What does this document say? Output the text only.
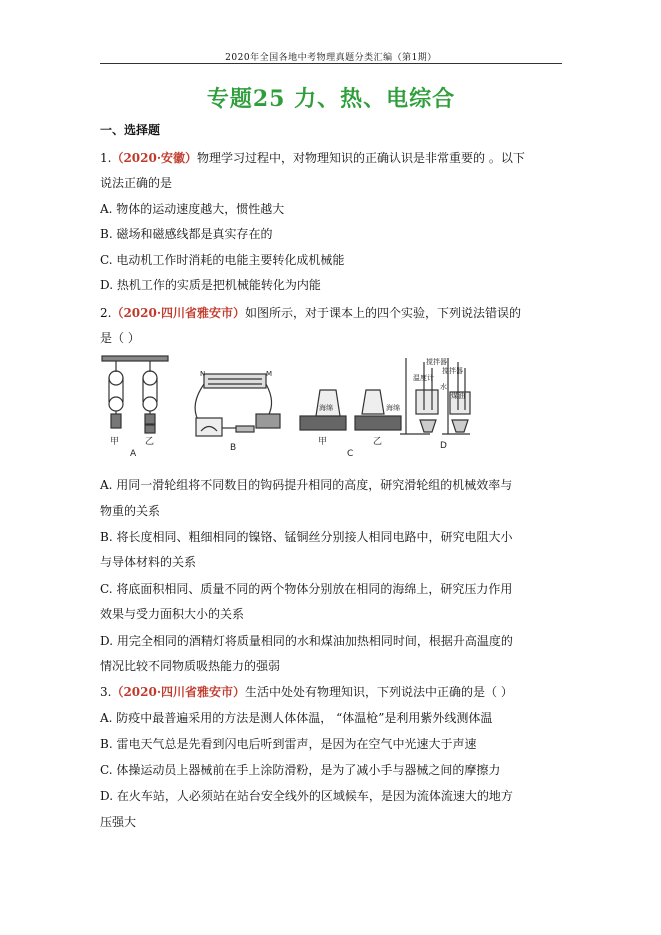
2020年全国各地中考物理真题分类汇编（第1期）
专题25 力、热、电综合
一、选择题
1.（2020·安徽）物理学习过程中，对物理知识的正确认识是非常重要的 。以下
说法正确的是
A. 物体的运动速度越大，惯性越大
B. 磁场和磁感线都是真实存在的
C. 电动机工作时消耗的电能主要转化成机械能
D. 热机工作的实质是把机械能转化为内能
2.（2020·四川省雅安市）如图所示，对于课本上的四个实验，下列说法错误的
是（ ）
甲	乙
A
N	M
B
海绵	海绵
甲	乙
C
搅拌器
搅拌器
温度计
水
煤油
D
A. 用同一滑轮组将不同数目的钩码提升相同的高度，研究滑轮组的机械效率与
物重的关系
B. 将长度相同、粗细相同的镍铬、锰铜丝分别接人相同电路中，研究电阻大小
与导体材料的关系
C. 将底面积相同、质量不同的两个物体分别放在相同的海绵上，研究压力作用
效果与受力面积大小的关系
D. 用完全相同的酒精灯将质量相同的水和煤油加热相同时间，根据升高温度的
情况比较不同物质吸热能力的强弱
3.（2020·四川省雅安市）生活中处处有物理知识，下列说法中正确的是（ ）
A. 防疫中最普遍采用的方法是测人体体温， “体温枪”是利用紫外线测体温
B. 雷电天气总是先看到闪电后听到雷声，是因为在空气中光速大于声速
C. 体操运动员上器械前在手上涂防滑粉，是为了减小手与器械之间的摩擦力
D. 在火车站，人必须站在站台安全线外的区域候车，是因为流体流速大的地方
压强大
